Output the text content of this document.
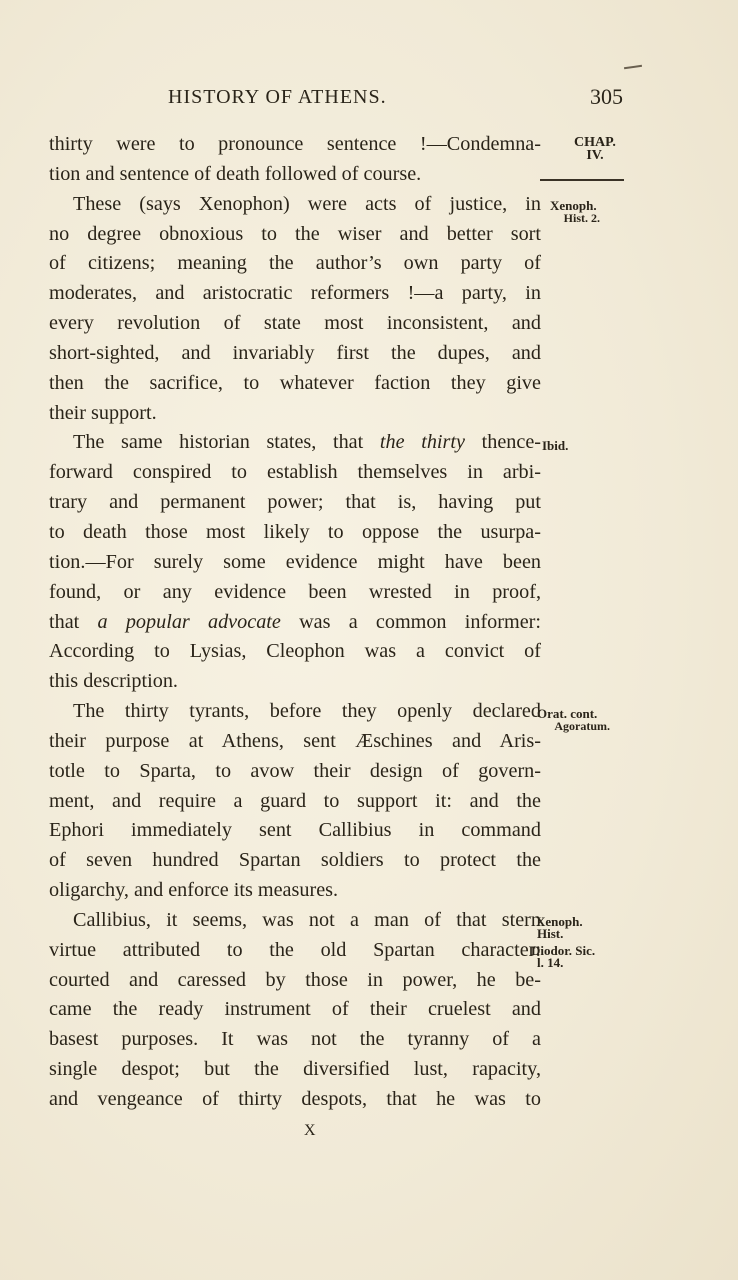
HISTORY OF ATHENS.	305
thirty were to pronounce sentence !—Condemna-
tion and sentence of death followed of course.
These (says Xenophon) were acts of justice, in
no degree obnoxious to the wiser and better sort
of citizens; meaning the author’s own party of
moderates, and aristocratic reformers !—a party, in
every revolution of state most inconsistent, and
short-sighted, and invariably first the dupes, and
then the sacrifice, to whatever faction they give
their support.
The same historian states, that the thirty thence-
forward conspired to establish themselves in arbi-
trary and permanent power; that is, having put
to death those most likely to oppose the usurpa-
tion.—For surely some evidence might have been
found, or any evidence been wrested in proof,
that a popular advocate was a common informer:
According to Lysias, Cleophon was a convict of
this description.
The thirty tyrants, before they openly declared
their purpose at Athens, sent Æschines and Aris-
totle to Sparta, to avow their design of govern-
ment, and require a guard to support it: and the
Ephori immediately sent Callibius in command
of seven hundred Spartan soldiers to protect the
oligarchy, and enforce its measures.
Callibius, it seems, was not a man of that stern
virtue attributed to the old Spartan character:
courted and caressed by those in power, he be-
came the ready instrument of their cruelest and
basest purposes. It was not the tyranny of a
single despot; but the diversified lust, rapacity,
and vengeance of thirty despots, that he was to
CHAP.
IV.
Xenoph.
Hist. 2.
Ibid.
Orat. cont.
Agoratum.
Xenoph.
Hist.
Diodor. Sic.
l. 14.
X
